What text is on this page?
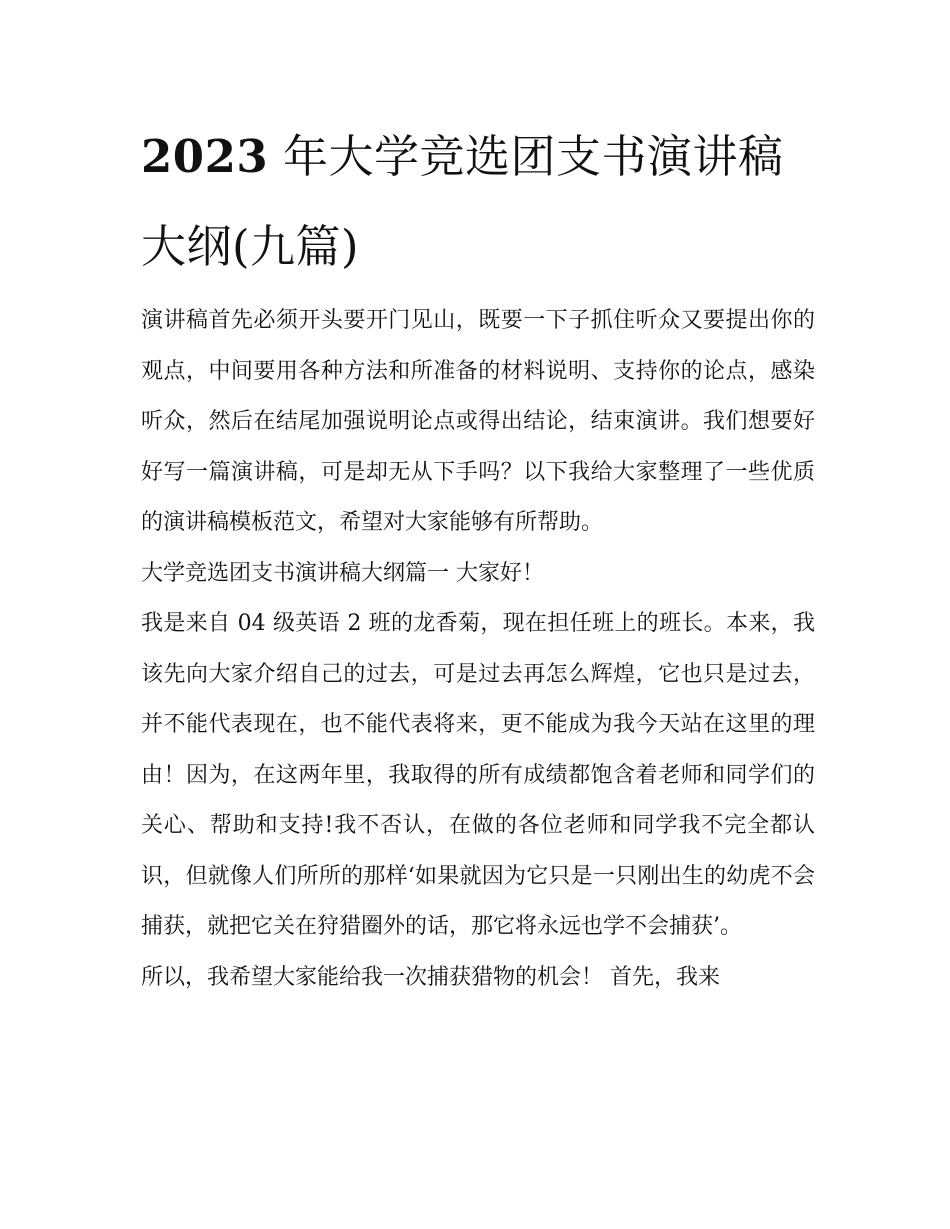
2023 年大学竞选团支书演讲稿大纲(九篇)

演讲稿首先必须开头要开门见山，既要一下子抓住听众又要提出你的观点，中间要用各种方法和所准备的材料说明、支持你的论点，感染听众，然后在结尾加强说明论点或得出结论，结束演讲。我们想要好好写一篇演讲稿，可是却无从下手吗？以下我给大家整理了一些优质的演讲稿模板范文，希望对大家能够有所帮助。

大学竞选团支书演讲稿大纲篇一 大家好！

我是来自 04 级英语 2 班的龙香菊，现在担任班上的班长。本来，我该先向大家介绍自己的过去，可是过去再怎么辉煌，它也只是过去，并不能代表现在，也不能代表将来，更不能成为我今天站在这里的理由！因为，在这两年里，我取得的所有成绩都饱含着老师和同学们的关心、帮助和支持!我不否认，在做的各位老师和同学我不完全都认识，但就像人们所所的那样‘如果就因为它只是一只刚出生的幼虎不会捕获，就把它关在狩猎圈外的话，那它将永远也学不会捕获’。

所以，我希望大家能给我一次捕获猎物的机会！ 首先，我来
